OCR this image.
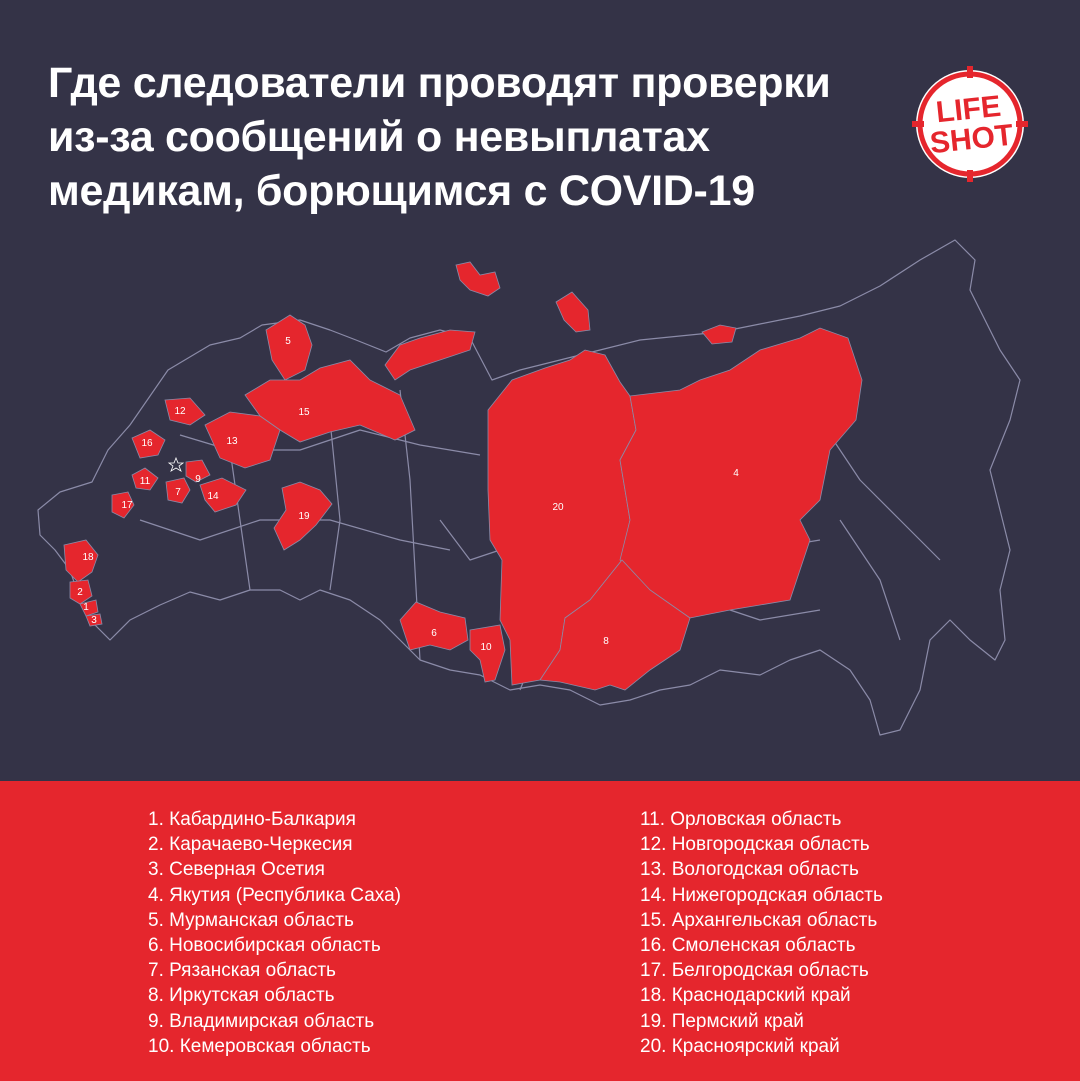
Где следователи проводят проверки
из-за сообщений о невыплатах
медикам, борющимся с COVID-19
LIFE
SHOT
1
2
3
4
5
6
7
8
9
10
11
12
13
14
15
16
17
18
19
20
1. Кабардино-Балкария
2. Карачаево-Черкесия
3. Северная Осетия
4. Якутия (Республика Саха)
5. Мурманская область
6. Новосибирская область
7. Рязанская область
8. Иркутская область
9. Владимирская область
10. Кемеровская область
11. Орловская область
12. Новгородская область
13. Вологодская область
14. Нижегородская область
15. Архангельская область
16. Смоленская область
17. Белгородская область
18. Краснодарский край
19. Пермский край
20. Красноярский край
